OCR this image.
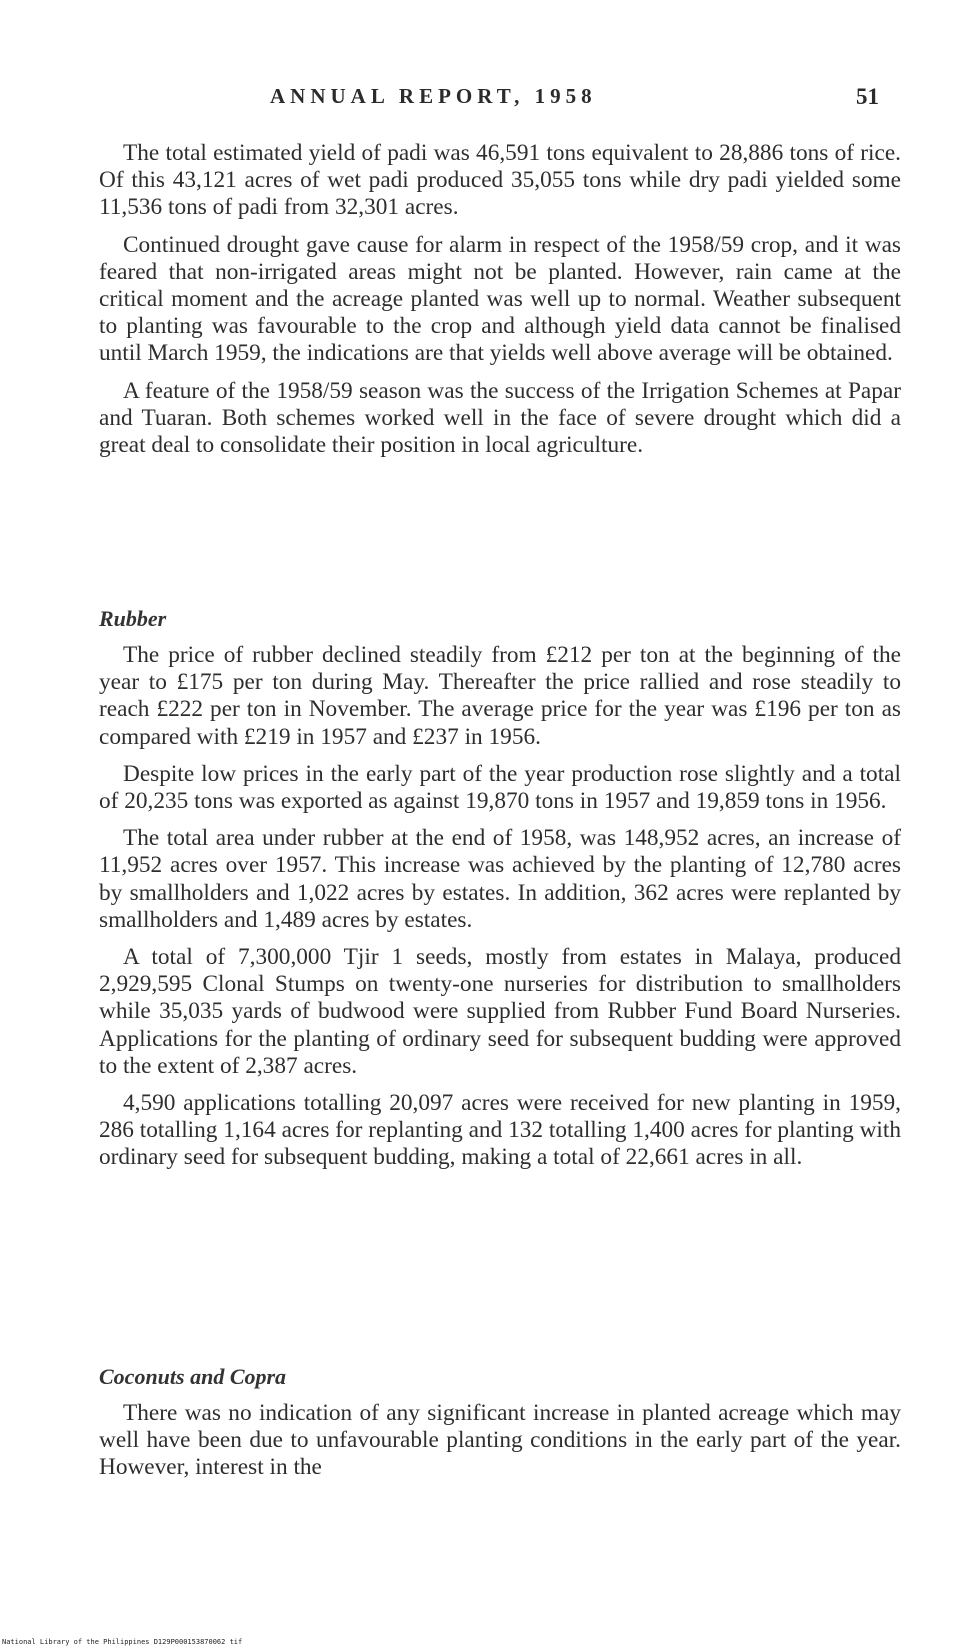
ANNUAL REPORT, 1958	51

The total estimated yield of padi was 46,591 tons equivalent to 28,886 tons of rice. Of this 43,121 acres of wet padi produced 35,055 tons while dry padi yielded some 11,536 tons of padi from 32,301 acres.

Continued drought gave cause for alarm in respect of the 1958/59 crop, and it was feared that non-irrigated areas might not be planted. However, rain came at the critical moment and the acreage planted was well up to normal. Weather subsequent to planting was favourable to the crop and although yield data cannot be finalised until March 1959, the indications are that yields well above average will be obtained.

A feature of the 1958/59 season was the success of the Irrigation Schemes at Papar and Tuaran. Both schemes worked well in the face of severe drought which did a great deal to consolidate their position in local agriculture.

Rubber

The price of rubber declined steadily from £212 per ton at the beginning of the year to £175 per ton during May. Thereafter the price rallied and rose steadily to reach £222 per ton in November. The average price for the year was £196 per ton as compared with £219 in 1957 and £237 in 1956.

Despite low prices in the early part of the year production rose slightly and a total of 20,235 tons was exported as against 19,870 tons in 1957 and 19,859 tons in 1956.

The total area under rubber at the end of 1958, was 148,952 acres, an increase of 11,952 acres over 1957. This increase was achieved by the planting of 12,780 acres by smallholders and 1,022 acres by estates. In addition, 362 acres were replanted by smallholders and 1,489 acres by estates.

A total of 7,300,000 Tjir 1 seeds, mostly from estates in Malaya, produced 2,929,595 Clonal Stumps on twenty-one nurseries for distribution to smallholders while 35,035 yards of budwood were supplied from Rubber Fund Board Nurseries. Applications for the planting of ordinary seed for subsequent budding were approved to the extent of 2,387 acres.

4,590 applications totalling 20,097 acres were received for new planting in 1959, 286 totalling 1,164 acres for replanting and 132 totalling 1,400 acres for planting with ordinary seed for subsequent budding, making a total of 22,661 acres in all.

Coconuts and Copra

There was no indication of any significant increase in planted acreage which may well have been due to unfavourable planting conditions in the early part of the year. However, interest in the

National Library of the Philippines D129P000153870062 tif
